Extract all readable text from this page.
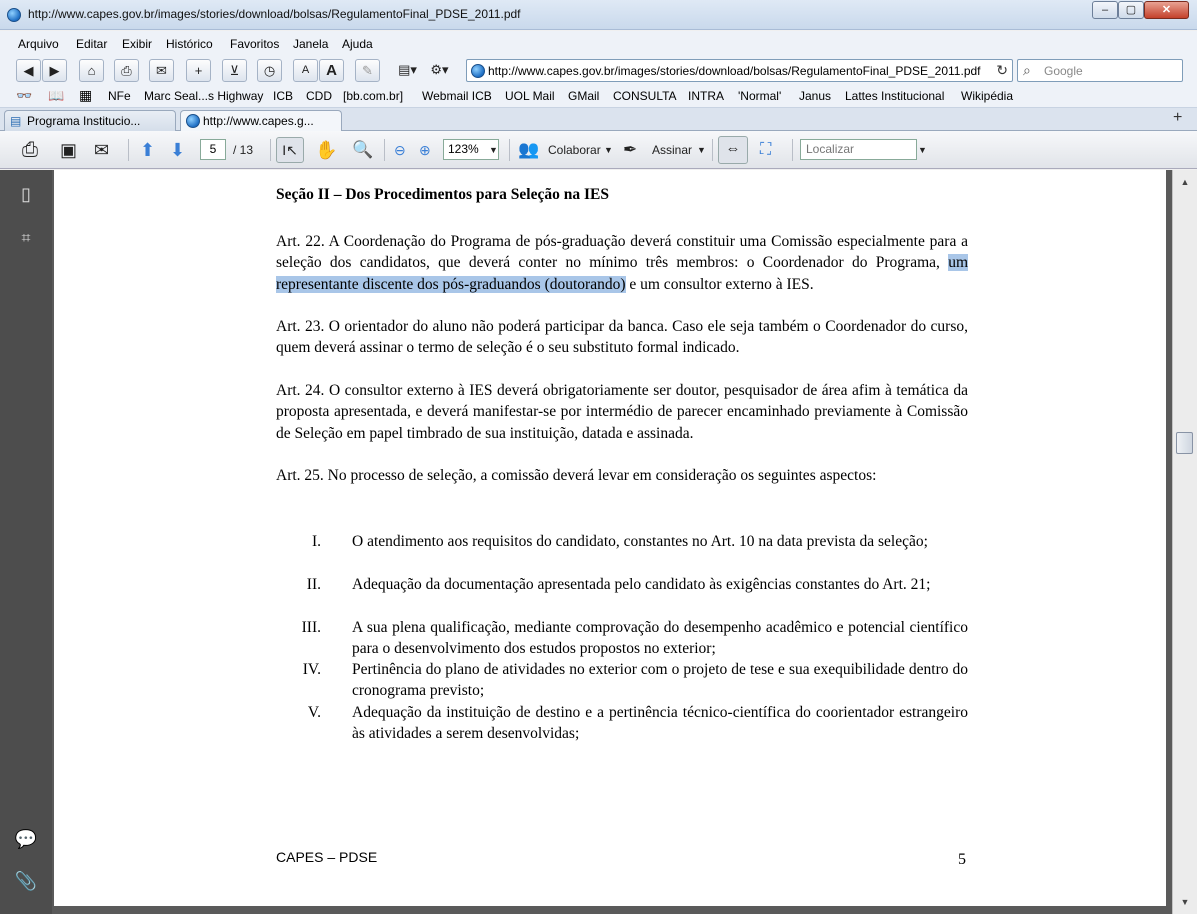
http://www.capes.gov.br/images/stories/download/bolsas/RegulamentoFinal_PDSE_2011.pdf	‒	▢	✕
Arquivo Editar Exibir Histórico Favoritos Janela Ajuda
◀	▶	⌂	⎙	✉	+	⊻	◷	A	A	✎	▤▾ ⚙▾	http://www.capes.gov.br/images/stories/download/bolsas/RegulamentoFinal_PDSE_2011.pdf ↻ ⌕ Google
👓 📖 ▦ NFe Marc Seal...s Highway ICB CDD [bb.com.br] Webmail ICB UOL Mail GMail CONSULTA INTRA 'Normal' Janus Lattes Institucional Wikipédia
▤ Programa Institucio...	http://www.capes.g...	+
⎙ ▣ ✉ ⬆ ⬇	5	/ 13	I↖ ✋ 🔍 ⊖ ⊕	123%	▼ 👥 Colaborar ▼ ✒ Assinar ▼	⇔	⛶	Localizar	▼
▯
⌗
💬
📎
Seção II – Dos Procedimentos para Seleção na IES
Art. 22. A Coordenação do Programa de pós-graduação deverá constituir uma Comissão especialmente para a seleção dos candidatos, que deverá conter no mínimo três membros: o Coordenador do Programa, um representante discente dos pós-graduandos (doutorando) e um consultor externo à IES.
Art. 23. O orientador do aluno não poderá participar da banca. Caso ele seja também o Coordenador do curso, quem deverá assinar o termo de seleção é o seu substituto formal indicado.
Art. 24. O consultor externo à IES deverá obrigatoriamente ser doutor, pesquisador de área afim à temática da proposta apresentada, e deverá manifestar-se por intermédio de parecer encaminhado previamente à Comissão de Seleção em papel timbrado de sua instituição, datada e assinada.
Art. 25. No processo de seleção, a comissão deverá levar em consideração os seguintes aspectos:
I. O atendimento aos requisitos do candidato, constantes no Art. 10 na data prevista da seleção;
II. Adequação da documentação apresentada pelo candidato às exigências constantes do Art. 21;
III. A sua plena qualificação, mediante comprovação do desempenho acadêmico e potencial científico para o desenvolvimento dos estudos propostos no exterior;
IV. Pertinência do plano de atividades no exterior com o projeto de tese e sua exequibilidade dentro do cronograma previsto;
V. Adequação da instituição de destino e a pertinência técnico-científica do coorientador estrangeiro às atividades a serem desenvolvidas;
CAPES – PDSE	5
▲
▼
